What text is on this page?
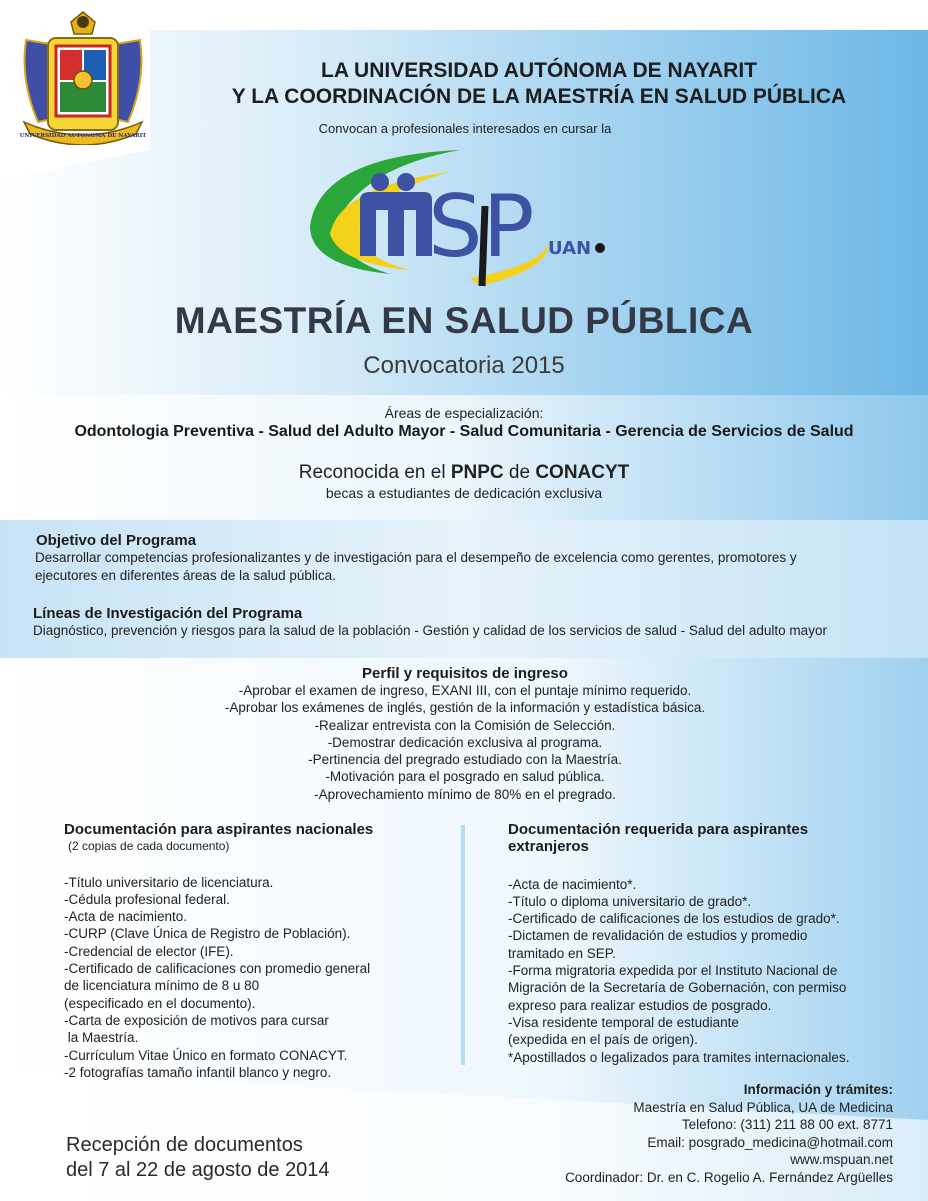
UNIVERSIDAD AUTONOMA DE NAYARIT
LA UNIVERSIDAD AUTÓNOMA DE NAYARIT
Y LA COORDINACIÓN DE LA MAESTRÍA EN SALUD PÚBLICA
Convocan a profesionales interesados en cursar la
SP UAN
MAESTRÍA EN SALUD PÚBLICA
Convocatoria 2015
Áreas de especialización:
Odontologia Preventiva - Salud del Adulto Mayor - Salud Comunitaria - Gerencia de Servicios de Salud
Reconocida en el PNPC de CONACYT
becas a estudiantes de dedicación exclusiva
Objetivo del Programa
Desarrollar competencias profesionalizantes y de investigación para el desempeño de excelencia como gerentes, promotores y
ejecutores en diferentes áreas de la salud pública.
Líneas de Investigación del Programa
Diagnóstico, prevención y riesgos para la salud de la población - Gestión y calidad de los servicios de salud - Salud del adulto mayor
Perfil y requisitos de ingreso
-Aprobar el examen de ingreso, EXANI III, con el puntaje mínimo requerido.
-Aprobar los exámenes de inglés, gestión de la información y estadística básica.
-Realizar entrevista con la Comisión de Selección.
-Demostrar dedicación exclusiva al programa.
-Pertinencia del pregrado estudiado con la Maestría.
-Motivación para el posgrado en salud pública.
-Aprovechamiento mínimo de 80% en el pregrado.
Documentación para aspirantes nacionales
(2 copias de cada documento)
-Título universitario de licenciatura.
-Cédula profesional federal.
-Acta de nacimiento.
-CURP (Clave Única de Registro de Población).
-Credencial de elector (IFE).
-Certificado de calificaciones con promedio general
de licenciatura mínimo de 8 u 80
(especificado en el documento).
-Carta de exposición de motivos para cursar
la Maestría.
-Currículum Vitae Único en formato CONACYT.
-2 fotografías tamaño infantil blanco y negro.
Documentación requerida para aspirantes
extranjeros
-Acta de nacimiento*.
-Título o diploma universitario de grado*.
-Certificado de calificaciones de los estudios de grado*.
-Dictamen de revalidación de estudios y promedio
tramitado en SEP.
-Forma migratoria expedida por el Instituto Nacional de
Migración de la Secretaría de Gobernación, con permiso
expreso para realizar estudios de posgrado.
-Visa residente temporal de estudiante
(expedida en el país de origen).
*Apostillados o legalizados para tramites internacionales.
Recepción de documentos
del 7 al 22 de agosto de 2014
Información y trámites:
Maestría en Salud Pública, UA de Medicina
Telefono: (311) 211 88 00 ext. 8771
Email: posgrado_medicina@hotmail.com
www.mspuan.net
Coordinador: Dr. en C. Rogelio A. Fernández Argüelles
